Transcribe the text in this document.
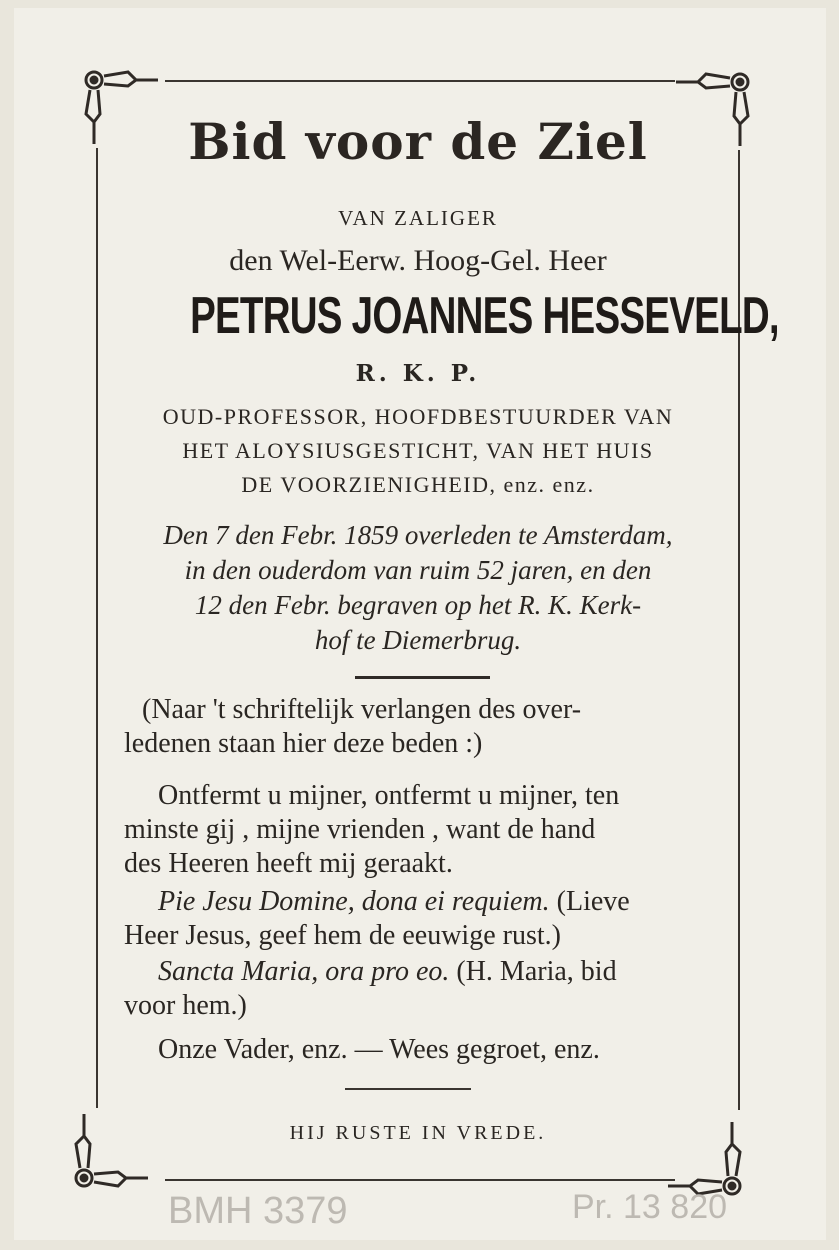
Bid voor de Ziel
VAN ZALIGER
den Wel-Eerw. Hoog-Gel. Heer
PETRUS JOANNES HESSEVELD,
R. K. P.
OUD-PROFESSOR, HOOFDBESTUURDER VAN
HET ALOYSIUSGESTICHT, VAN HET HUIS
DE VOORZIENIGHEID, enz. enz.
Den 7 den Febr. 1859 overleden te Amsterdam,
in den ouderdom van ruim 52 jaren, en den
12 den Febr. begraven op het R. K. Kerk-
hof te Diemerbrug.
(Naar 't schriftelijk verlangen des over-
ledenen staan hier deze beden :)
Ontfermt u mijner, ontfermt u mijner, ten
minste gij , mijne vrienden , want de hand
des Heeren heeft mij geraakt.
Pie Jesu Domine, dona ei requiem. (Lieve
Heer Jesus, geef hem de eeuwige rust.)
Sancta Maria, ora pro eo. (H. Maria, bid
voor hem.)
Onze Vader, enz. — Wees gegroet, enz.
HIJ RUSTE IN VREDE.
BMH 3379	Pr. 13 820
